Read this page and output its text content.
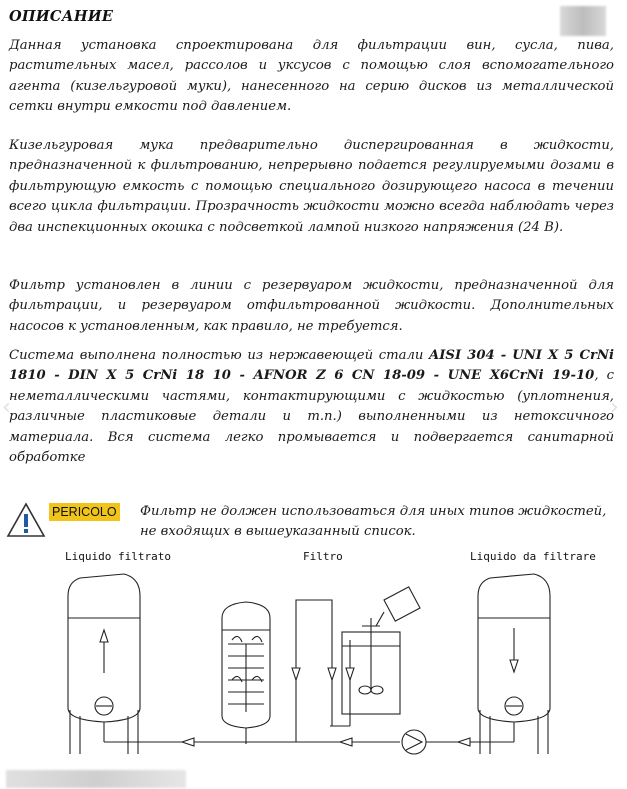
ОПИСАНИЕ
Данная установка спроектирована для фильтрации вин, сусла, пива, растительных масел, рассолов и уксусов с помощью слоя вспомогательного агента (кизельгуровой муки), нанесенного на серию дисков из металлической сетки внутри емкости под давлением.
Кизельгуровая мука предварительно диспергированная в жидкости, предназначенной к фильтрованию, непрерывно подается регулируемыми дозами в фильтрующую емкость с помощью специального дозирующего насоса в течении всего цикла фильтрации. Прозрачность жидкости можно всегда наблюдать через два инспекционных окошка с подсветкой лампой низкого напряжения (24 В).
Фильтр установлен в линии с резервуаром жидкости, предназначенной для фильтрации, и резервуаром отфильтрованной жидкости. Дополнительных насосов к установленным, как правило, не требуется.
Система выполнена полностью из нержавеющей стали AISI 304 - UNI X 5 CrNi 1810 - DIN X 5 CrNi 18 10 - AFNOR Z 6 CN 18-09 - UNE X6CrNi 19-10, с неметаллическими частями, контактирующими с жидкостью (уплотнения, различные пластиковые детали и т.п.) выполненными из нетоксичного материала. Вся система легко промывается и подвергается санитарной обработке
‹	›
PERICOLO Фильтр не должен использоваться для иных типов жидкостей,
не входящих в вышеуказанный список.
Liquido filtrato	Filtro	Liquido da filtrare
